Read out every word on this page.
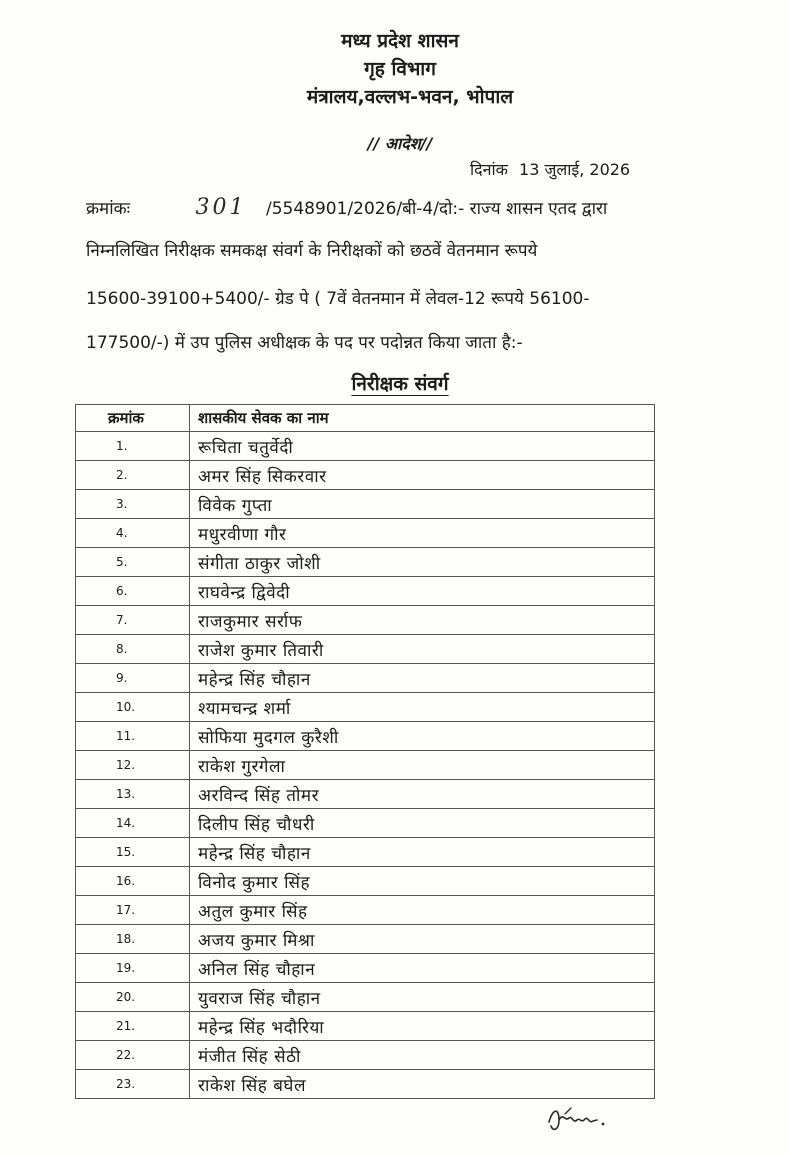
मध्य प्रदेश शासन
गृह विभाग
मंत्रालय,वल्लभ-भवन, भोपाल
// आदेश//
दिनांक 13 जुलाई, 2026
क्रमांकः	301 /5548901/2026/बी-4/दो:- राज्य शासन एतद द्वारा
निम्नलिखित निरीक्षक समकक्ष संवर्ग के निरीक्षकों को छठवें वेतनमान रूपये
15600-39100+5400/- ग्रेड पे ( 7वें वेतनमान में लेवल-12 रूपये 56100-
177500/-) में उप पुलिस अधीक्षक के पद पर पदोन्नत किया जाता है:-
निरीक्षक संवर्ग
क्रमांक	शासकीय सेवक का नाम
1.	रूचिता चतुर्वेदी
2.	अमर सिंह सिकरवार
3.	विवेक गुप्ता
4.	मधुरवीणा गौर
5.	संगीता ठाकुर जोशी
6.	राघवेन्द्र द्विवेदी
7.	राजकुमार सर्राफ
8.	राजेश कुमार तिवारी
9.	महेन्द्र सिंह चौहान
10.	श्यामचन्द्र शर्मा
11.	सोफिया मुदगल कुरैशी
12.	राकेश गुरगेला
13.	अरविन्द सिंह तोमर
14.	दिलीप सिंह चौधरी
15.	महेन्द्र सिंह चौहान
16.	विनोद कुमार सिंह
17.	अतुल कुमार सिंह
18.	अजय कुमार मिश्रा
19.	अनिल सिंह चौहान
20.	युवराज सिंह चौहान
21.	महेन्द्र सिंह भदौरिया
22.	मंजीत सिंह सेठी
23.	राकेश सिंह बघेल
